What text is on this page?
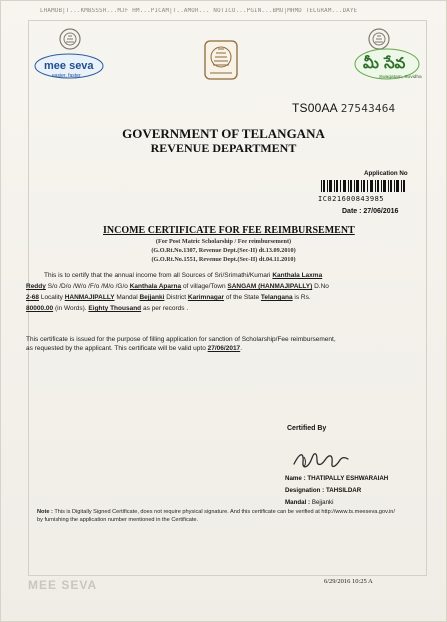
LHAMOB|T...KMBSSSH...MJF HM...P1CAM|T..AMOR... NOTICO...PGIN...BMU|MHMD TELGRAM...DAYE
mee seva
easier, faster
మీ సేవ
Swagatam, Suvidha
TS00AA 27543464
GOVERNMENT OF TELANGANA
REVENUE DEPARTMENT
Application No
IC021600843985
Date : 27/06/2016
INCOME CERTIFICATE FOR FEE REIMBURSEMENT
(For Post Matric Scholarship / Fee reimbursement)
(G.O.Rt.No.1307, Revenue Dept.(Sec-II) dt.13.09.2010)
(G.O.Rt.No.1551, Revenue Dept.(Sec-II) dt.04.11.2010)
This is to certify that the annual income from all Sources of Sri/Srimathi/Kumari Kanthala Laxma
Reddy S/o /D/o /W/o /F/o /M/o /G/o Kanthala Aparna of village/Town SANGAM (HANMAJIPALLY) D.No
2-68 Locality HANMAJIPALLY Mandal Bejjanki District Karimnagar of the State Telangana is Rs.
80000.00 (in Words). Eighty Thousand as per records .
This certificate is issued for the purpose of filling application for sanction of Scholarship/Fee reimbursement,
as requested by the applicant. This certificate will be valid upto 27/06/2017.
Certified By
Name : THATIPALLY ESHWARAIAH
Designation : TAHSILDAR
Mandal : Bejjanki
Note : This is Digitally Signed Certificate, does not require physical signature. And this certificate can be verified at http://www.ts.meeseva.gov.in/ by furnishing the application number mentioned in the Certificate.
MEE SEVA	6/29/2016 10:25 A
